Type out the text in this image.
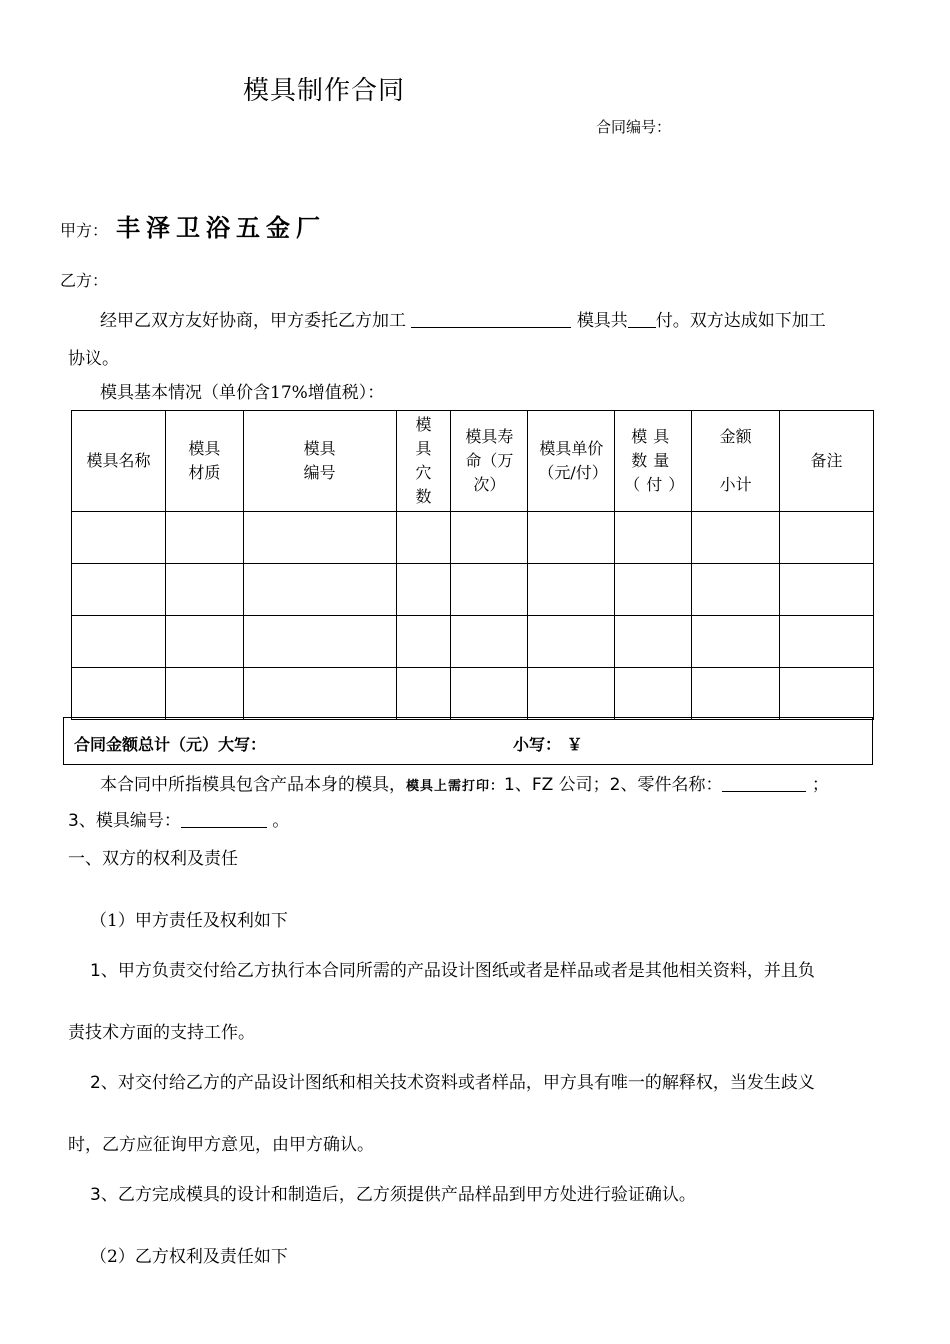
模具制作合同
合同编号：
甲方： 丰泽卫浴五金厂
乙方：
经甲乙双方友好协商，甲方委托乙方加工	模具共 付。双方达成如下加工
协议。
模具基本情况（单价含17%增值税）：
模具名称	模具材质	模具编号	模具穴数	模具寿命（万次）	模具单价（元/付）	模具数量（付）	金额小计	备注

合同金额总计（元）大写：	小写： ￥
本合同中所指模具包含产品本身的模具，模具上需打印：1、FZ 公司；2、零件名称：	；
3、模具编号：	。
一、双方的权利及责任
（1）甲方责任及权利如下
1、甲方负责交付给乙方执行本合同所需的产品设计图纸或者是样品或者是其他相关资料，并且负
责技术方面的支持工作。
2、对交付给乙方的产品设计图纸和相关技术资料或者样品，甲方具有唯一的解释权，当发生歧义
时，乙方应征询甲方意见，由甲方确认。
3、乙方完成模具的设计和制造后，乙方须提供产品样品到甲方处进行验证确认。
（2）乙方权利及责任如下
